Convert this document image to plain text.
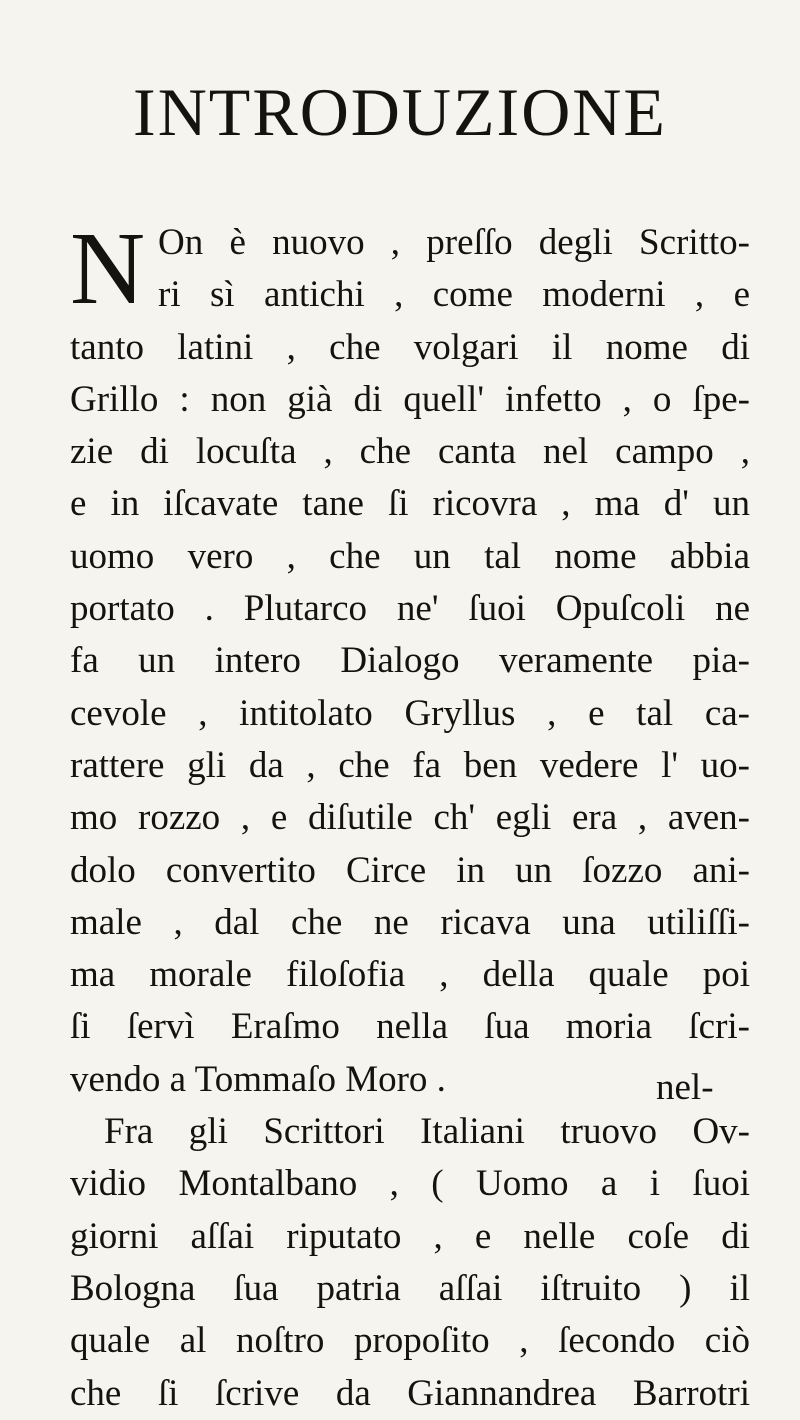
INTRODUZIONE
N On è nuovo , preſſo degli Scritto-
ri sì antichi , come moderni , e
tanto latini , che volgari il nome di
Grillo : non già di quell' infetto , o ſpe-
zie di locuſta , che canta nel campo ,
e in iſcavate tane ſi ricovra , ma d' un
uomo vero , che un tal nome abbia
portato . Plutarco ne' ſuoi Opuſcoli ne
fa un intero Dialogo veramente pia-
cevole , intitolato Gryllus , e tal ca-
rattere gli da , che fa ben vedere l' uo-
mo rozzo , e diſutile ch' egli era , aven-
dolo convertito Circe in un ſozzo ani-
male , dal che ne ricava una utiliſſi-
ma morale filoſofia , della quale poi
ſi ſervì Eraſmo nella ſua moria ſcri-
vendo a Tommaſo Moro .
Fra gli Scrittori Italiani truovo Ov-
vidio Montalbano , ( Uomo a i ſuoi
giorni aſſai riputato , e nelle coſe di
Bologna ſua patria aſſai iſtruito ) il
quale al noſtro propoſito , ſecondo ciò
che ſi ſcrive da Giannandrea Barrotri
nel-
